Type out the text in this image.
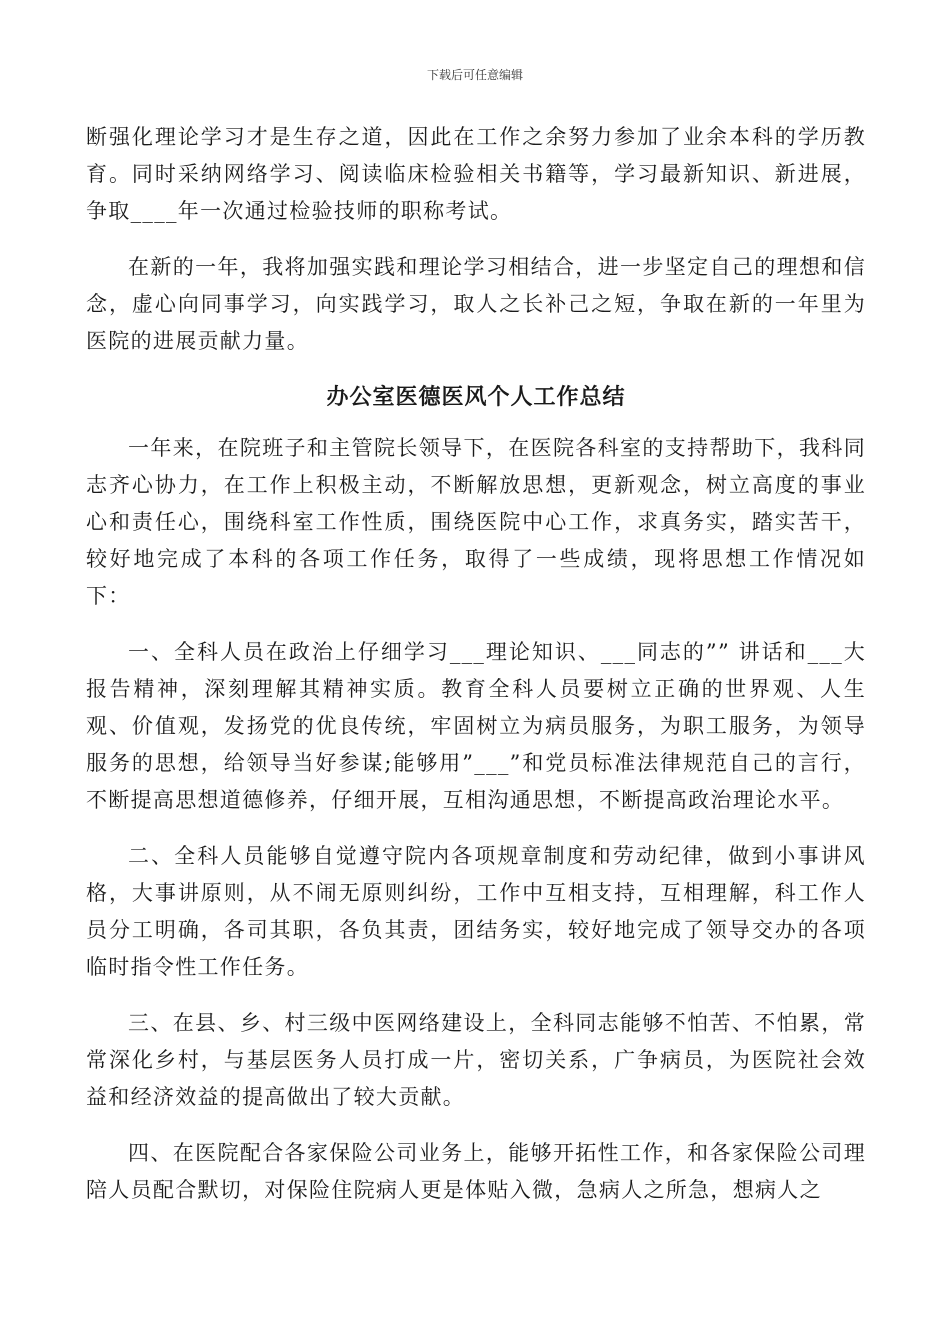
下载后可任意编辑

断强化理论学习才是生存之道，因此在工作之余努力参加了业余本科的学历教育。同时采纳网络学习、阅读临床检验相关书籍等，学习最新知识、新进展，争取____年一次通过检验技师的职称考试。

在新的一年，我将加强实践和理论学习相结合，进一步坚定自己的理想和信念，虚心向同事学习，向实践学习，取人之长补己之短，争取在新的一年里为医院的进展贡献力量。

办公室医德医风个人工作总结

一年来，在院班子和主管院长领导下，在医院各科室的支持帮助下，我科同志齐心协力，在工作上积极主动，不断解放思想，更新观念，树立高度的事业心和责任心，围绕科室工作性质，围绕医院中心工作，求真务实，踏实苦干，较好地完成了本科的各项工作任务，取得了一些成绩，现将思想工作情况如下：

一、全科人员在政治上仔细学习___理论知识、___同志的”” 讲话和___大报告精神，深刻理解其精神实质。教育全科人员要树立正确的世界观、人生观、价值观，发扬党的优良传统，牢固树立为病员服务，为职工服务，为领导服务的思想，给领导当好参谋;能够用”___”和党员标准法律规范自己的言行，不断提高思想道德修养，仔细开展，互相沟通思想，不断提高政治理论水平。

二、全科人员能够自觉遵守院内各项规章制度和劳动纪律，做到小事讲风格，大事讲原则，从不闹无原则纠纷，工作中互相支持，互相理解，科工作人员分工明确，各司其职，各负其责，团结务实，较好地完成了领导交办的各项临时指令性工作任务。

三、在县、乡、村三级中医网络建设上，全科同志能够不怕苦、不怕累，常常深化乡村，与基层医务人员打成一片，密切关系，广争病员，为医院社会效益和经济效益的提高做出了较大贡献。

四、在医院配合各家保险公司业务上，能够开拓性工作，和各家保险公司理陪人员配合默切，对保险住院病人更是体贴入微，急病人之所急，想病人之
